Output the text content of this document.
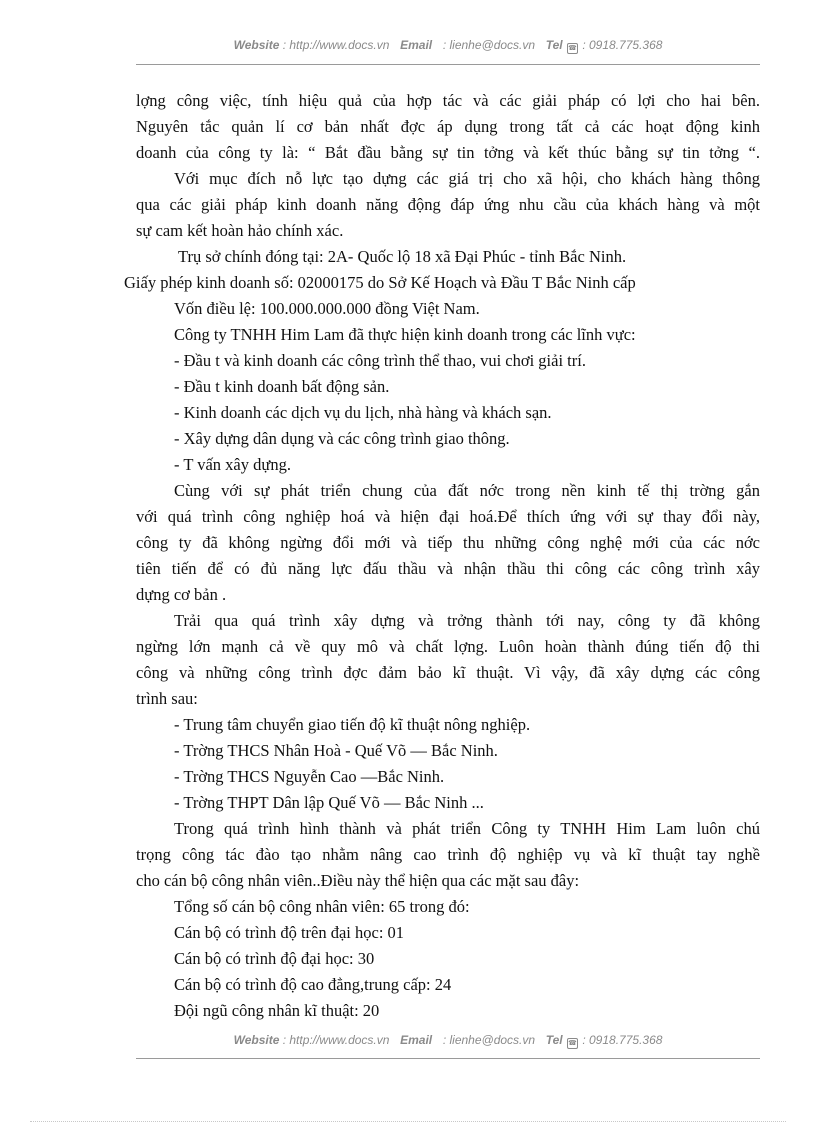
Website : http://www.docs.vn Email : lienhe@docs.vn Tel ☎ : 0918.775.368
lợng công việc, tính hiệu quả của hợp tác và các giải pháp có lợi cho hai bên.
Nguyên tắc quản lí cơ bản nhất đợc áp dụng trong tất cả các hoạt động kinh
doanh của công ty là: “ Bắt đầu bằng sự tin tởng và kết thúc bằng sự tin tởng “.
Với mục đích nỗ lực tạo dựng các giá trị cho xã hội, cho khách hàng thông
qua các giải pháp kinh doanh năng động đáp ứng nhu cầu của khách hàng và một
sự cam kết hoàn hảo chính xác.
Trụ sở chính đóng tại: 2A- Quốc lộ 18 xã Đại Phúc - tỉnh Bắc Ninh.
Giấy phép kinh doanh số: 02000175 do Sở Kế Hoạch và Đầu T Bắc Ninh cấp
Vốn điều lệ: 100.000.000.000 đồng Việt Nam.
Công ty TNHH Him Lam đã thực hiện kinh doanh trong các lĩnh vực:
- Đầu t và kinh doanh các công trình thể thao, vui chơi giải trí.
- Đầu t kinh doanh bất động sản.
- Kinh doanh các dịch vụ du lịch, nhà hàng và khách sạn.
- Xây dựng dân dụng và các công trình giao thông.
- T vấn xây dựng.
Cùng với sự phát triển chung của đất nớc trong nền kinh tế thị trờng gắn
với quá trình công nghiệp hoá và hiện đại hoá.Để thích ứng với sự thay đổi này,
công ty đã không ngừng đổi mới và tiếp thu những công nghệ mới của các nớc
tiên tiến để có đủ năng lực đấu thầu và nhận thầu thi công các công trình xây
dựng cơ bản .
Trải qua quá trình xây dựng và trởng thành tới nay, công ty đã không
ngừng lớn mạnh cả về quy mô và chất lợng. Luôn hoàn thành đúng tiến độ thi
công và những công trình đợc đảm bảo kĩ thuật. Vì vậy, đã xây dựng các công
trình sau:
- Trung tâm chuyển giao tiến độ kĩ thuật nông nghiệp.
- Trờng THCS Nhân Hoà - Quế Võ — Bắc Ninh.
- Trờng THCS Nguyễn Cao —Bắc Ninh.
- Trờng THPT Dân lập Quế Võ — Bắc Ninh ...
Trong quá trình hình thành và phát triển Công ty TNHH Him Lam luôn chú
trọng công tác đào tạo nhằm nâng cao trình độ nghiệp vụ và kĩ thuật tay nghề
cho cán bộ công nhân viên..Điều này thể hiện qua các mặt sau đây:
Tổng số cán bộ công nhân viên: 65 trong đó:
Cán bộ có trình độ trên đại học: 01
Cán bộ có trình độ đại học: 30
Cán bộ có trình độ cao đẳng,trung cấp: 24
Đội ngũ công nhân kĩ thuật: 20
Website : http://www.docs.vn Email : lienhe@docs.vn Tel ☎ : 0918.775.368
